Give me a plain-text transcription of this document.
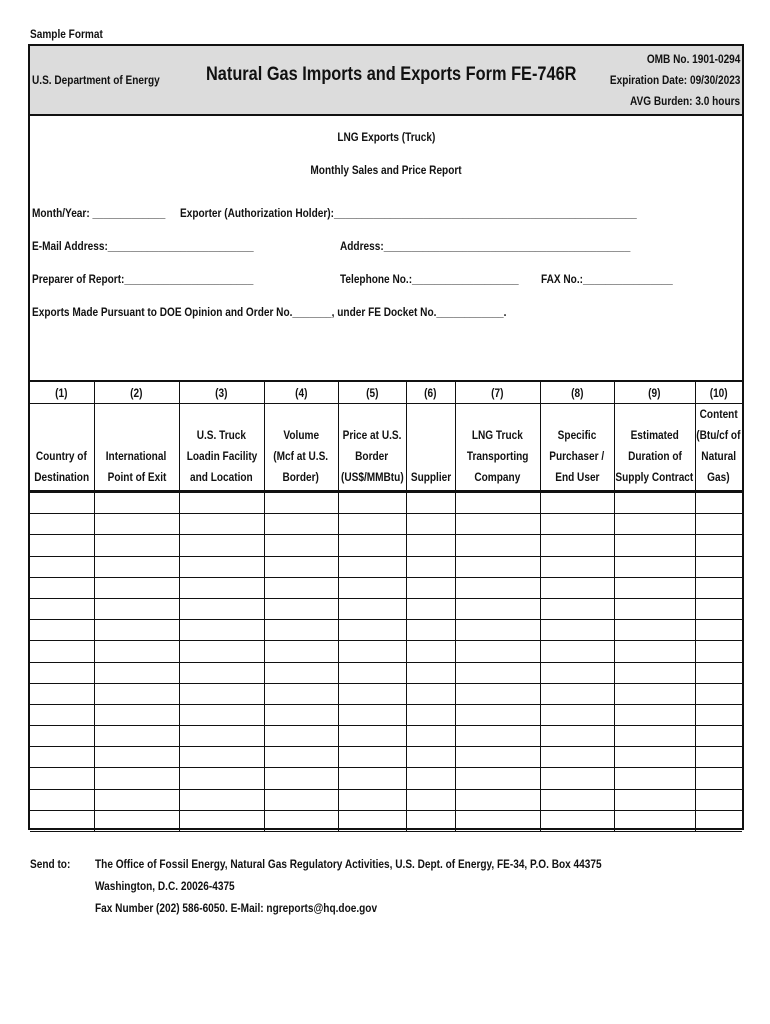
Sample Format
U.S. Department of Energy Natural Gas Imports and Exports Form FE-746R
OMB No. 1901-0294
Expiration Date: 09/30/2023
AVG Burden: 3.0 hours
LNG Exports (Truck)
Monthly Sales and Price Report
Month/Year: _____________ Exporter (Authorization Holder):______________________________________________________
E-Mail Address:__________________________	Address:____________________________________________
Preparer of Report:_______________________	Telephone No.:___________________ FAX No.:________________
Exports Made Pursuant to DOE Opinion and Order No._______, under FE Docket No.____________.
(1)	(2)	(3)	(4)	(5)	(6)	(7)	(8)	(9)	(10)

Country of
Destination	International
Point of Exit	U.S. Truck
Loadin Facility
and Location	Volume
(Mcf at U.S.
Border)	Price at U.S.
Border
(US$/MMBtu)	Supplier	LNG Truck
Transporting
Company	Specific
Purchaser /
End User	Estimated
Duration of
Supply Contract	Content
(Btu/cf of
Natural
Gas)

Send to: The Office of Fossil Energy, Natural Gas Regulatory Activities, U.S. Dept. of Energy, FE-34, P.O. Box 44375
Washington, D.C. 20026-4375
Fax Number (202) 586-6050. E-Mail: ngreports@hq.doe.gov
